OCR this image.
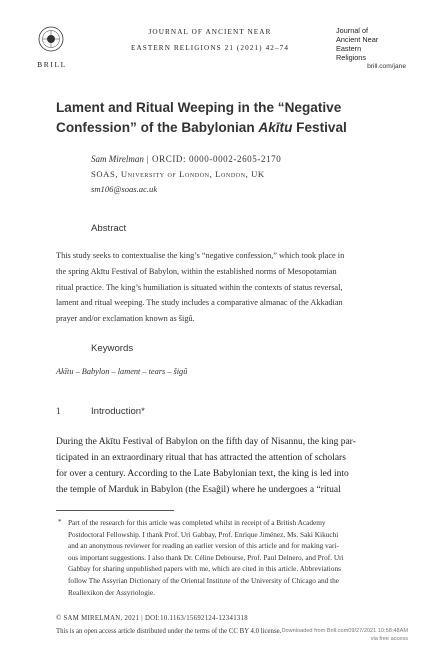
BRILL
JOURNAL OF ANCIENT NEAR
EASTERN RELIGIONS 21 (2021) 42–74
Journal of
Ancient Near
Eastern
Religions
brill.com/jane
Lament and Ritual Weeping in the “Negative Confession” of the Babylonian Akītu Festival
Sam Mirelman | ORCID: 0000-0002-2605-2170
SOAS, University of London, London, UK
sm106@soas.ac.uk
Abstract
This study seeks to contextualise the king’s “negative confession,” which took place in
the spring Akītu Festival of Babylon, within the established norms of Mesopotamian
ritual practice. The king’s humiliation is situated within the contexts of status reversal,
lament and ritual weeping. The study includes a comparative almanac of the Akkadian
prayer and/or exclamation known as šigû.
Keywords
Akītu – Babylon – lament – tears – šigû
1	Introduction*
During the Akītu Festival of Babylon on the fifth day of Nisannu, the king par-
ticipated in an extraordinary ritual that has attracted the attention of scholars
for over a century. According to the Late Babylonian text, the king is led into
the temple of Marduk in Babylon (the Esaĝil) where he undergoes a “ritual
* Part of the research for this article was completed whilst in receipt of a British Academy
Postdoctoral Fellowship. I thank Prof. Uri Gabbay, Prof. Enrique Jiménez, Ms. Saki Kikuchi
and an anonymous reviewer for reading an earlier version of this article and for making vari-
ous important suggestions. I also thank Dr. Céline Debourse, Prof. Paul Delnero, and Prof. Uri
Gabbay for sharing unpublished papers with me, which are cited in this article. Abbreviations
follow The Assyrian Dictionary of the Oriental Institute of the University of Chicago and the
Reallexikon der Assyriologie.
© SAM MIRELMAN, 2021 | DOI:10.1163/15692124-12341318
This is an open access article distributed under the terms of the CC BY 4.0 license. Downloaded from Brill.com09/27/2021 10:58:48AM
via free access
